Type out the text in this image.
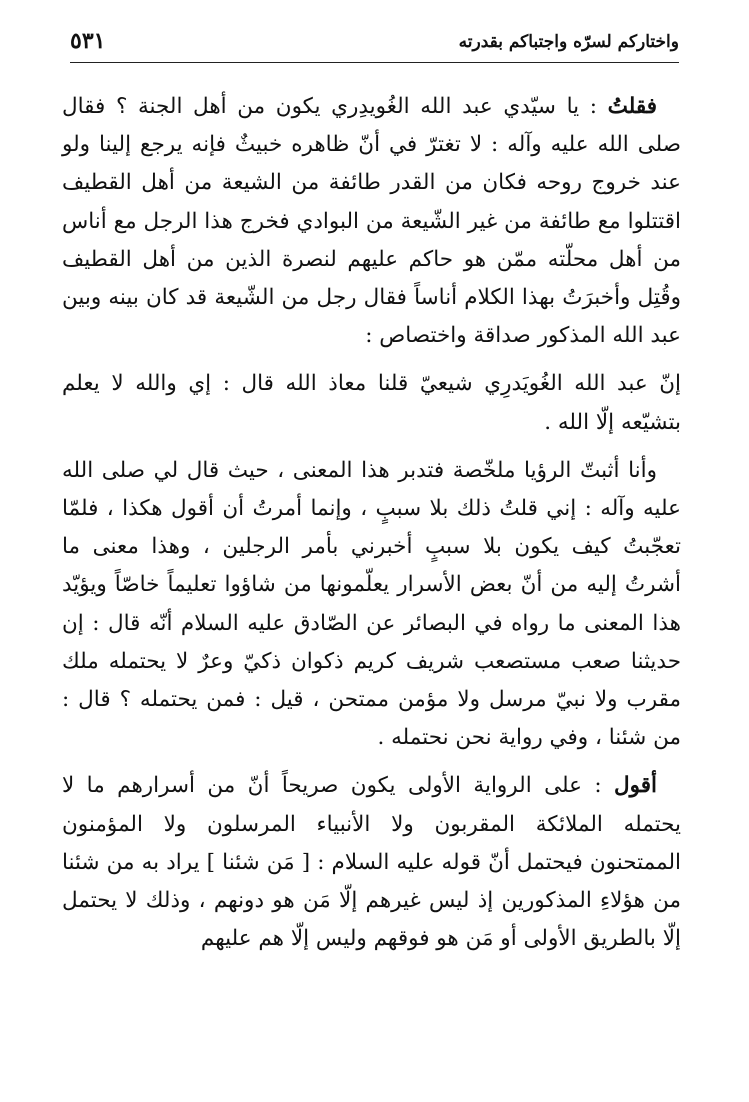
٥٣١	واختاركم لسرّه واجتباكم بقدرته

فقلتُ : يا سيّدي عبد الله الغُويدِري يكون من أهل الجنة ؟ فقال صلى الله عليه وآله : لا تغترّ في أنّ ظاهره خبيثٌ فإنه يرجع إلينا ولو عند خروج روحه فكان من القدر طائفة من الشيعة من أهل القطيف اقتتلوا مع طائفة من غير الشّيعة من البوادي فخرج هذا الرجل مع أناس من أهل محلّته ممّن هو حاكم عليهم لنصرة الذين من أهل القطيف وقُتِل وأخبرَتُ بهذا الكلام أناساً فقال رجل من الشّيعة قد كان بينه وبين عبد الله المذكور صداقة واختصاص :

إنّ عبد الله الغُويَدرِي شيعيّ قلنا معاذ الله قال : إي والله لا يعلم بتشيّعه إلّا الله .

وأنا أثبتّ الرؤيا ملخّصة فتدبر هذا المعنى ، حيث قال لي صلى الله عليه وآله : إني قلتُ ذلك بلا سببٍ ، وإنما أمرتُ أن أقول هكذا ، فلمّا تعجّبتُ كيف يكون بلا سببٍ أخبرني بأمر الرجلين ، وهذا معنى ما أشرتُ إليه من أنّ بعض الأسرار يعلّمونها من شاؤوا تعليماً خاصّاً ويؤيّد هذا المعنى ما رواه في البصائر عن الصّادق عليه السلام أنّه قال : إن حديثنا صعب مستصعب شريف كريم ذكوان ذكيّ وعرٌ لا يحتمله ملك مقرب ولا نبيّ مرسل ولا مؤمن ممتحن ، قيل : فمن يحتمله ؟ قال : من شئنا ، وفي رواية نحن نحتمله .

أقول : على الرواية الأولى يكون صريحاً أنّ من أسرارهم ما لا يحتمله الملائكة المقربون ولا الأنبياء المرسلون ولا المؤمنون الممتحنون فيحتمل أنّ قوله عليه السلام : [ مَن شئنا ] يراد به من شئنا من هؤلاءِ المذكورين إذ ليس غيرهم إلّا مَن هو دونهم ، وذلك لا يحتمل إلّا بالطريق الأولى أو مَن هو فوقهم وليس إلّا هم عليهم
